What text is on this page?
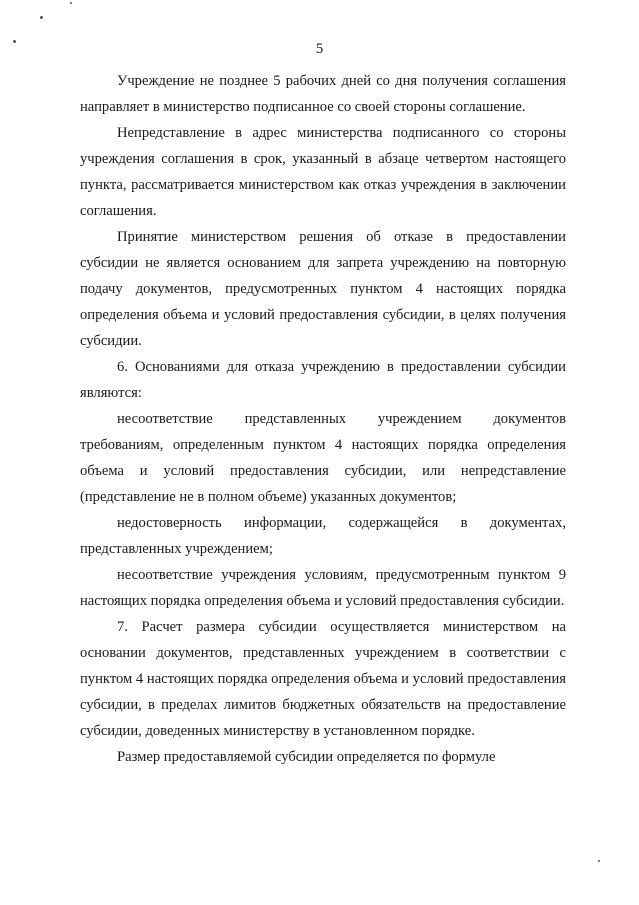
5

Учреждение не позднее 5 рабочих дней со дня получения соглашения направляет в министерство подписанное со своей стороны соглашение.

Непредставление в адрес министерства подписанного со стороны учреждения соглашения в срок, указанный в абзаце четвертом настоящего пункта, рассматривается министерством как отказ учреждения в заключении соглашения.

Принятие министерством решения об отказе в предоставлении субсидии не является основанием для запрета учреждению на повторную подачу документов, предусмотренных пунктом 4 настоящих порядка определения объема и условий предоставления субсидии, в целях получения субсидии.

6. Основаниями для отказа учреждению в предоставлении субсидии являются:

несоответствие представленных учреждением документов требованиям, определенным пунктом 4 настоящих порядка определения объема и условий предоставления субсидии, или непредставление (представление не в полном объеме) указанных документов;

недостоверность информации, содержащейся в документах, представленных учреждением;

несоответствие учреждения условиям, предусмотренным пунктом 9 настоящих порядка определения объема и условий предоставления субсидии.

7. Расчет размера субсидии осуществляется министерством на основании документов, представленных учреждением в соответствии с пунктом 4 настоящих порядка определения объема и условий предоставления субсидии, в пределах лимитов бюджетных обязательств на предоставление субсидии, доведенных министерству в установленном порядке.

Размер предоставляемой субсидии определяется по формуле
